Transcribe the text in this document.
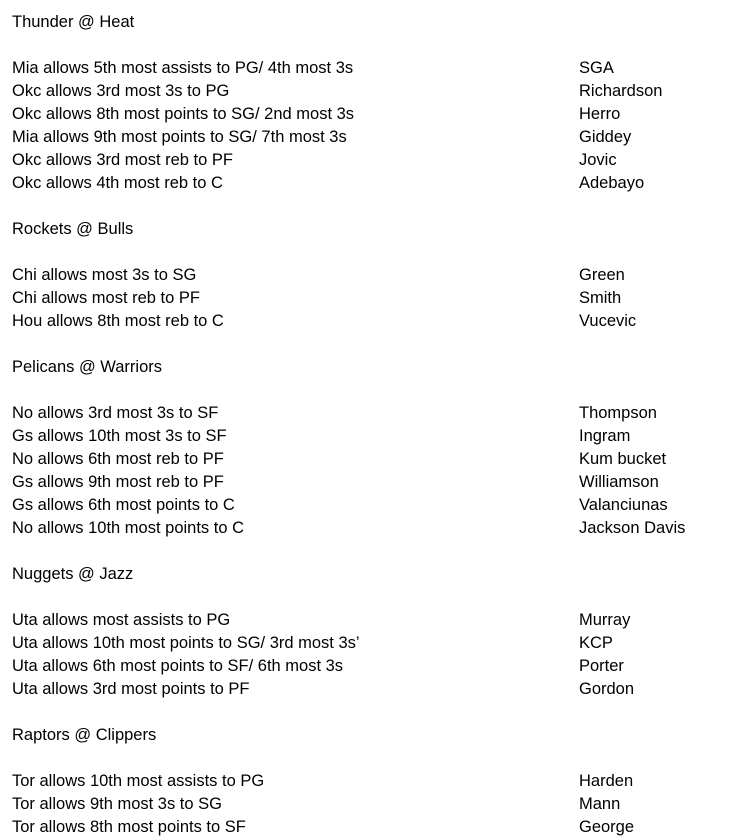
Thunder @ Heat
Mia allows 5th most assists to PG/ 4th most 3s	SGA
Okc allows 3rd most 3s to PG	Richardson
Okc allows 8th most points to SG/ 2nd most 3s	Herro
Mia allows 9th most points to SG/ 7th most 3s	Giddey
Okc allows 3rd most reb to PF	Jovic
Okc allows 4th most reb to C	Adebayo
Rockets @ Bulls
Chi allows most 3s to SG	Green
Chi allows most reb to PF	Smith
Hou allows 8th most reb to C	Vucevic
Pelicans @ Warriors
No allows 3rd most 3s to SF	Thompson
Gs allows 10th most 3s to SF	Ingram
No allows 6th most reb to PF	Kum bucket
Gs allows 9th most reb to PF	Williamson
Gs allows 6th most points to C	Valanciunas
No allows 10th most points to C	Jackson Davis
Nuggets @ Jazz
Uta allows most assists to PG	Murray
Uta allows 10th most points to SG/ 3rd most 3s’	KCP
Uta allows 6th most points to SF/ 6th most 3s	Porter
Uta allows 3rd most points to PF	Gordon
Raptors @ Clippers
Tor allows 10th most assists to PG	Harden
Tor allows 9th most 3s to SG	Mann
Tor allows 8th most points to SF	George
